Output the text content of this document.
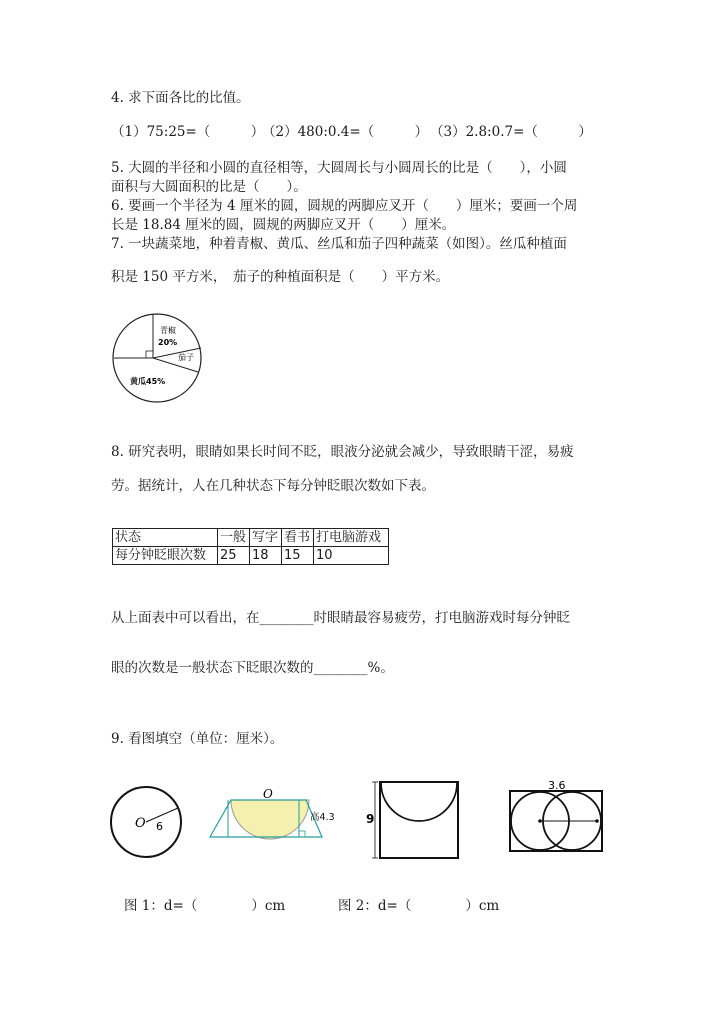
4. 求下面各比的比值。
（1）75:25=（　　　）
（2）480:0.4=（　　　） （3）2.8:0.7=（　　　）
5. 大圆的半径和小圆的直径相等，大圆周长与小圆周长的比是（　　），小圆
面积与大圆面积的比是（　　）。
6. 要画一个半径为 4 厘米的圆，圆规的两脚应叉开（　　）厘米；要画一个周
长是 18.84 厘米的圆，圆规的两脚应叉开（　　）厘米。
7. 一块蔬菜地，种着青椒、黄瓜、丝瓜和茄子四种蔬菜（如图）。丝瓜种植面
积是 150 平方米，　茄子的种植面积是（　　）平方米。
青椒
20%
茄子
黄瓜45%
8. 研究表明，眼睛如果长时间不眨，眼液分泌就会减少，导致眼睛干涩，易疲
劳。据统计，人在几种状态下每分钟眨眼次数如下表。
状态	一般	写字	看书	打电脑游戏
每分钟眨眼次数	25	18	15	10
从上面表中可以看出，在________时眼睛最容易疲劳，打电脑游戏时每分钟眨
眼的次数是一般状态下眨眼次数的________%。
9. 看图填空（单位：厘米）。
O 6
O
高4.3	9
3.6
图 1：d=（　　　　）cm	图 2：d=（　　　　）cm
